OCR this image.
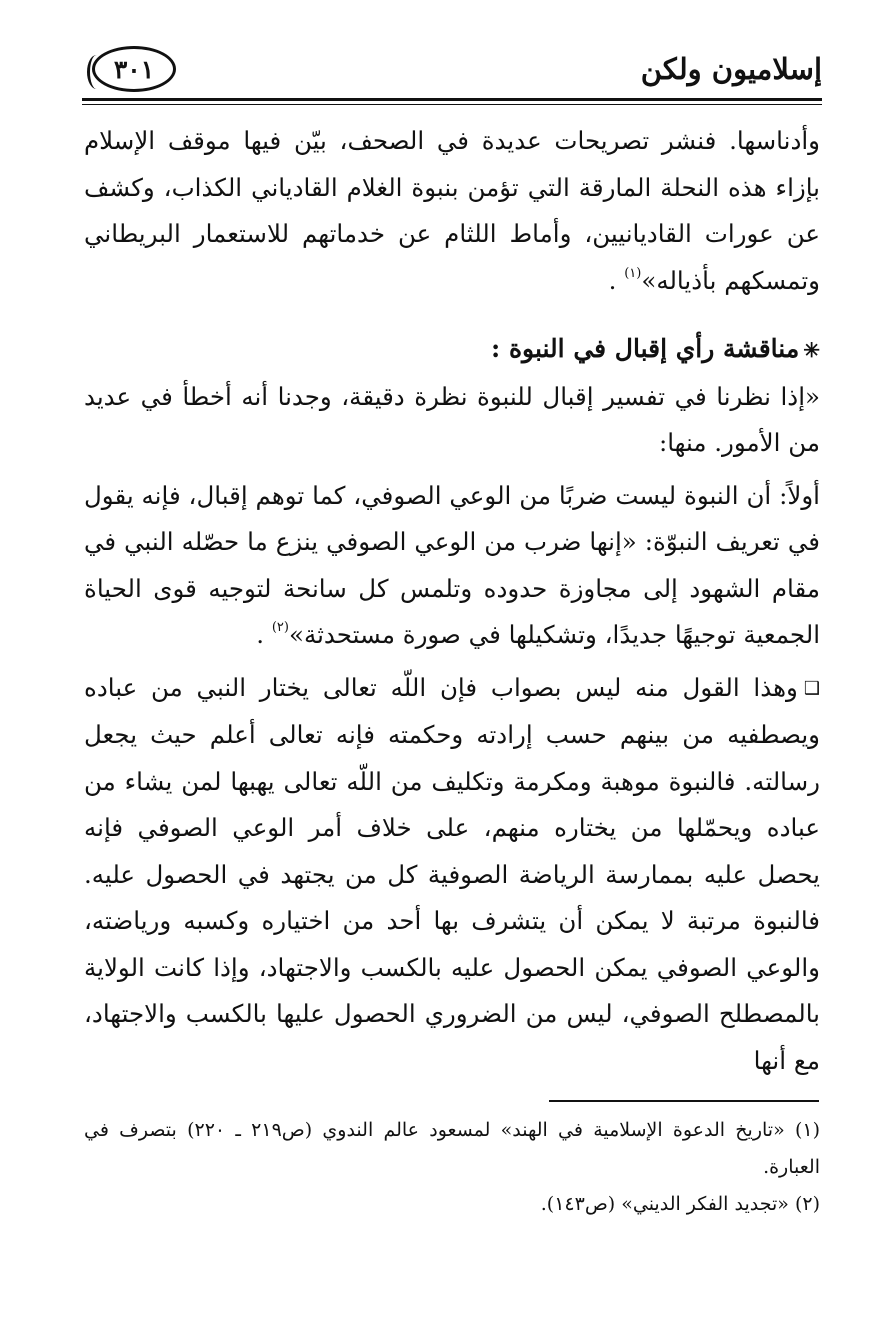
إسلاميون ولكن
٣٠١

وأدناسها. فنشر تصريحات عديدة في الصحف، بيّن فيها موقف الإسلام بإزاء هذه النحلة المارقة التي تؤمن بنبوة الغلام القادياني الكذاب، وكشف عن عورات القاديانيين، وأماط اللثام عن خدماتهم للاستعمار البريطاني وتمسكهم بأذياله»$^{(١)}$ .

✳مناقشة رأي إقبال في النبوة :

«إذا نظرنا في تفسير إقبال للنبوة نظرة دقيقة، وجدنا أنه أخطأ في عديد من الأمور. منها:

أولاً: أن النبوة ليست ضربًا من الوعي الصوفي، كما توهم إقبال، فإنه يقول في تعريف النبوّة: «إنها ضرب من الوعي الصوفي ينزع ما حصّله النبي في مقام الشهود إلى مجاوزة حدوده وتلمس كل سانحة لتوجيه قوى الحياة الجمعية توجيهًا جديدًا، وتشكيلها في صورة مستحدثة»$^{(٢)}$ .

❑وهذا القول منه ليس بصواب فإن اللّه تعالى يختار النبي من عباده ويصطفيه من بينهم حسب إرادته وحكمته فإنه تعالى أعلم حيث يجعل رسالته. فالنبوة موهبة ومكرمة وتكليف من اللّه تعالى يهبها لمن يشاء من عباده ويحمّلها من يختاره منهم، على خلاف أمر الوعي الصوفي فإنه يحصل عليه بممارسة الرياضة الصوفية كل من يجتهد في الحصول عليه. فالنبوة مرتبة لا يمكن أن يتشرف بها أحد من اختياره وكسبه ورياضته، والوعي الصوفي يمكن الحصول عليه بالكسب والاجتهاد، وإذا كانت الولاية بالمصطلح الصوفي، ليس من الضروري الحصول عليها بالكسب والاجتهاد، مع أنها

(١) «تاريخ الدعوة الإسلامية في الهند» لمسعود عالم الندوي (ص٢١٩ ـ ٢٢٠) بتصرف في العبارة.

(٢) «تجديد الفكر الديني» (ص١٤٣).
